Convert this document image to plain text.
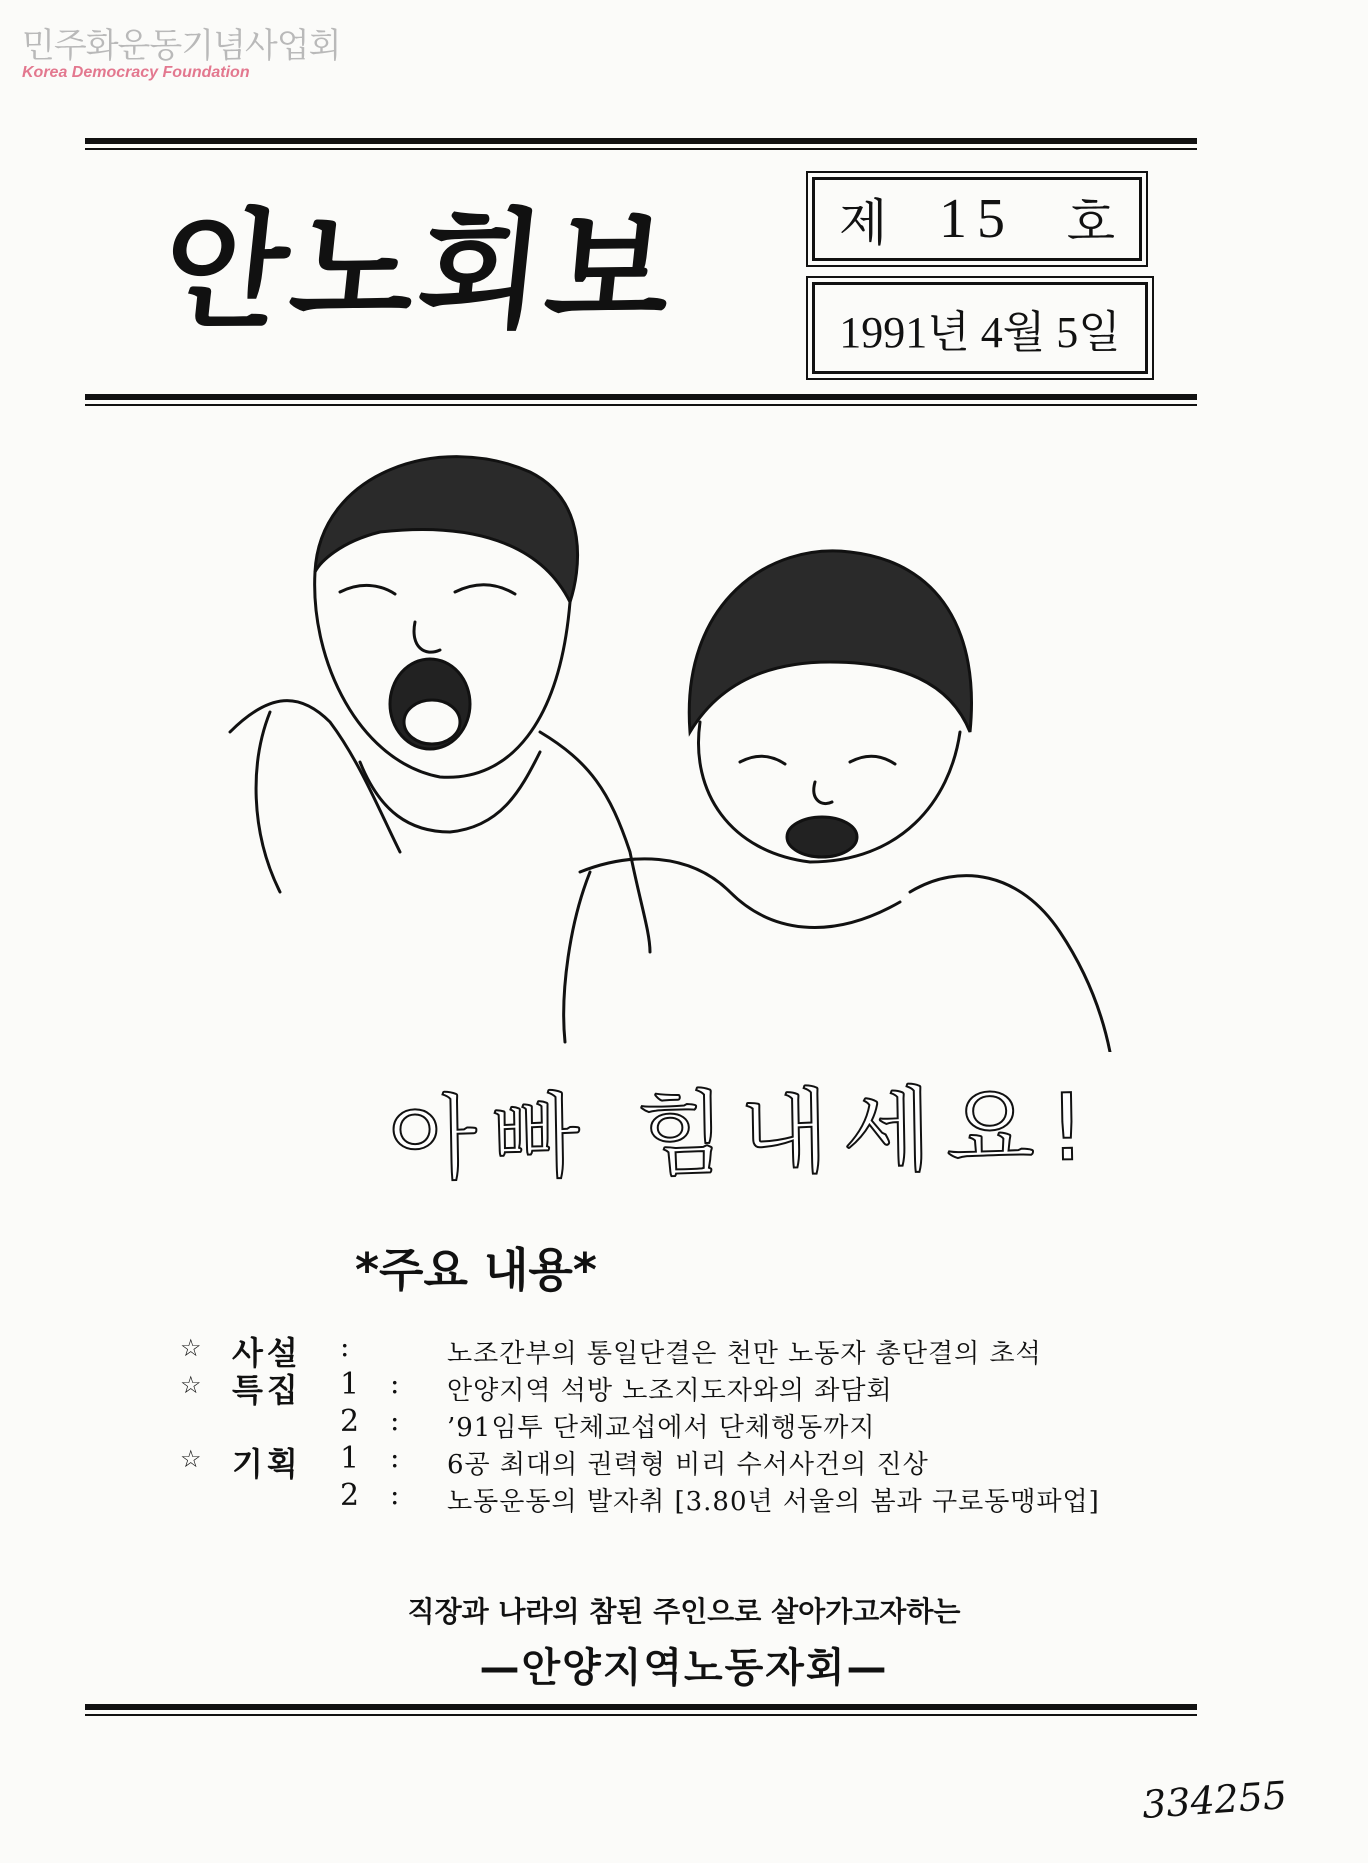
민주화운동기념사업회
Korea Democracy Foundation
안노회보	제 15 호
1991년 4월 5일
아빠 힘내세요!
*주요 내용*
☆ 사설 :	노조간부의 통일단결은 천만 노동자 총단결의 초석
☆ 특집 1 : 안양지역 석방 노조지도자와의 좌담회
2 : ’91임투 단체교섭에서 단체행동까지
☆ 기획 1 : 6공 최대의 권력형 비리 수서사건의 진상
2 : 노동운동의 발자취 [3.80년 서울의 봄과 구로동맹파업]
직장과 나라의 참된 주인으로 살아가고자하는
—안양지역노동자회—
334255
